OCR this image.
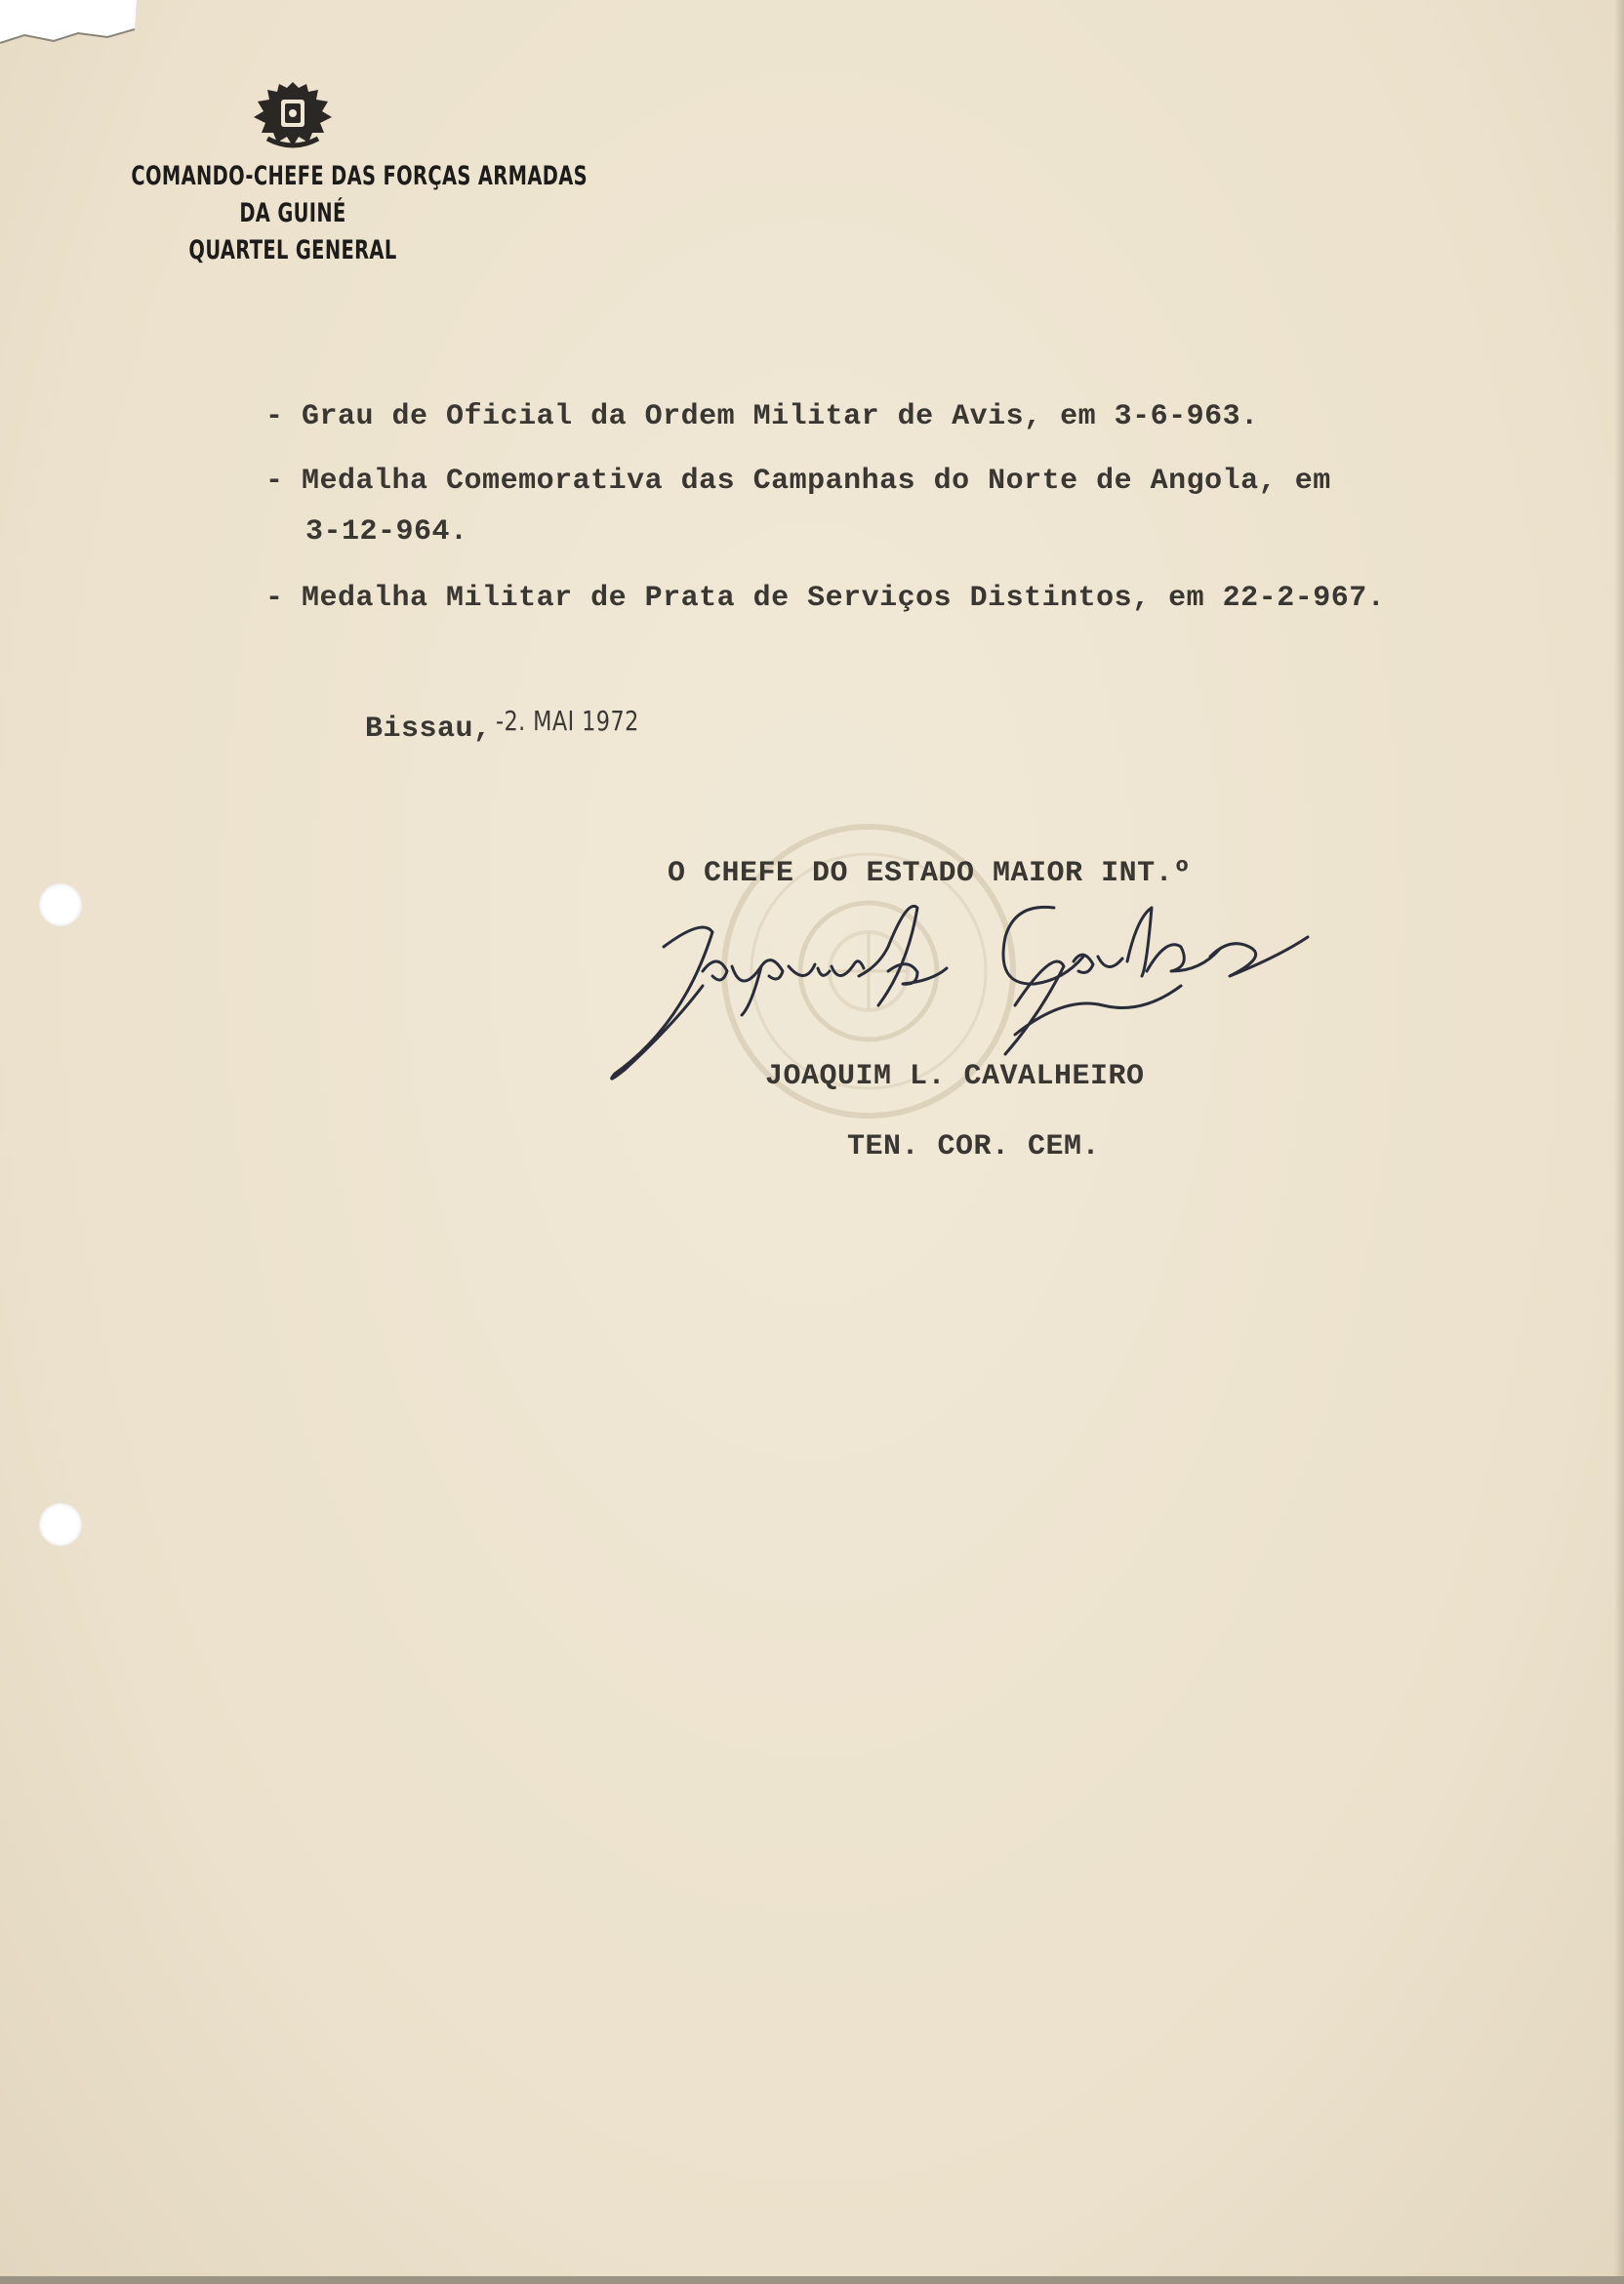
COMANDO-CHEFE DAS FORÇAS ARMADAS
DA GUINÉ
QUARTEL GENERAL
- Grau de Oficial da Ordem Militar de Avis, em 3-6-963.
- Medalha Comemorativa das Campanhas do Norte de Angola, em
3-12-964.
- Medalha Militar de Prata de Serviços Distintos, em 22-2-967.
Bissau, -2. MAI 1972
O CHEFE DO ESTADO MAIOR INT.º
JOAQUIM L. CAVALHEIRO
TEN. COR. CEM.
